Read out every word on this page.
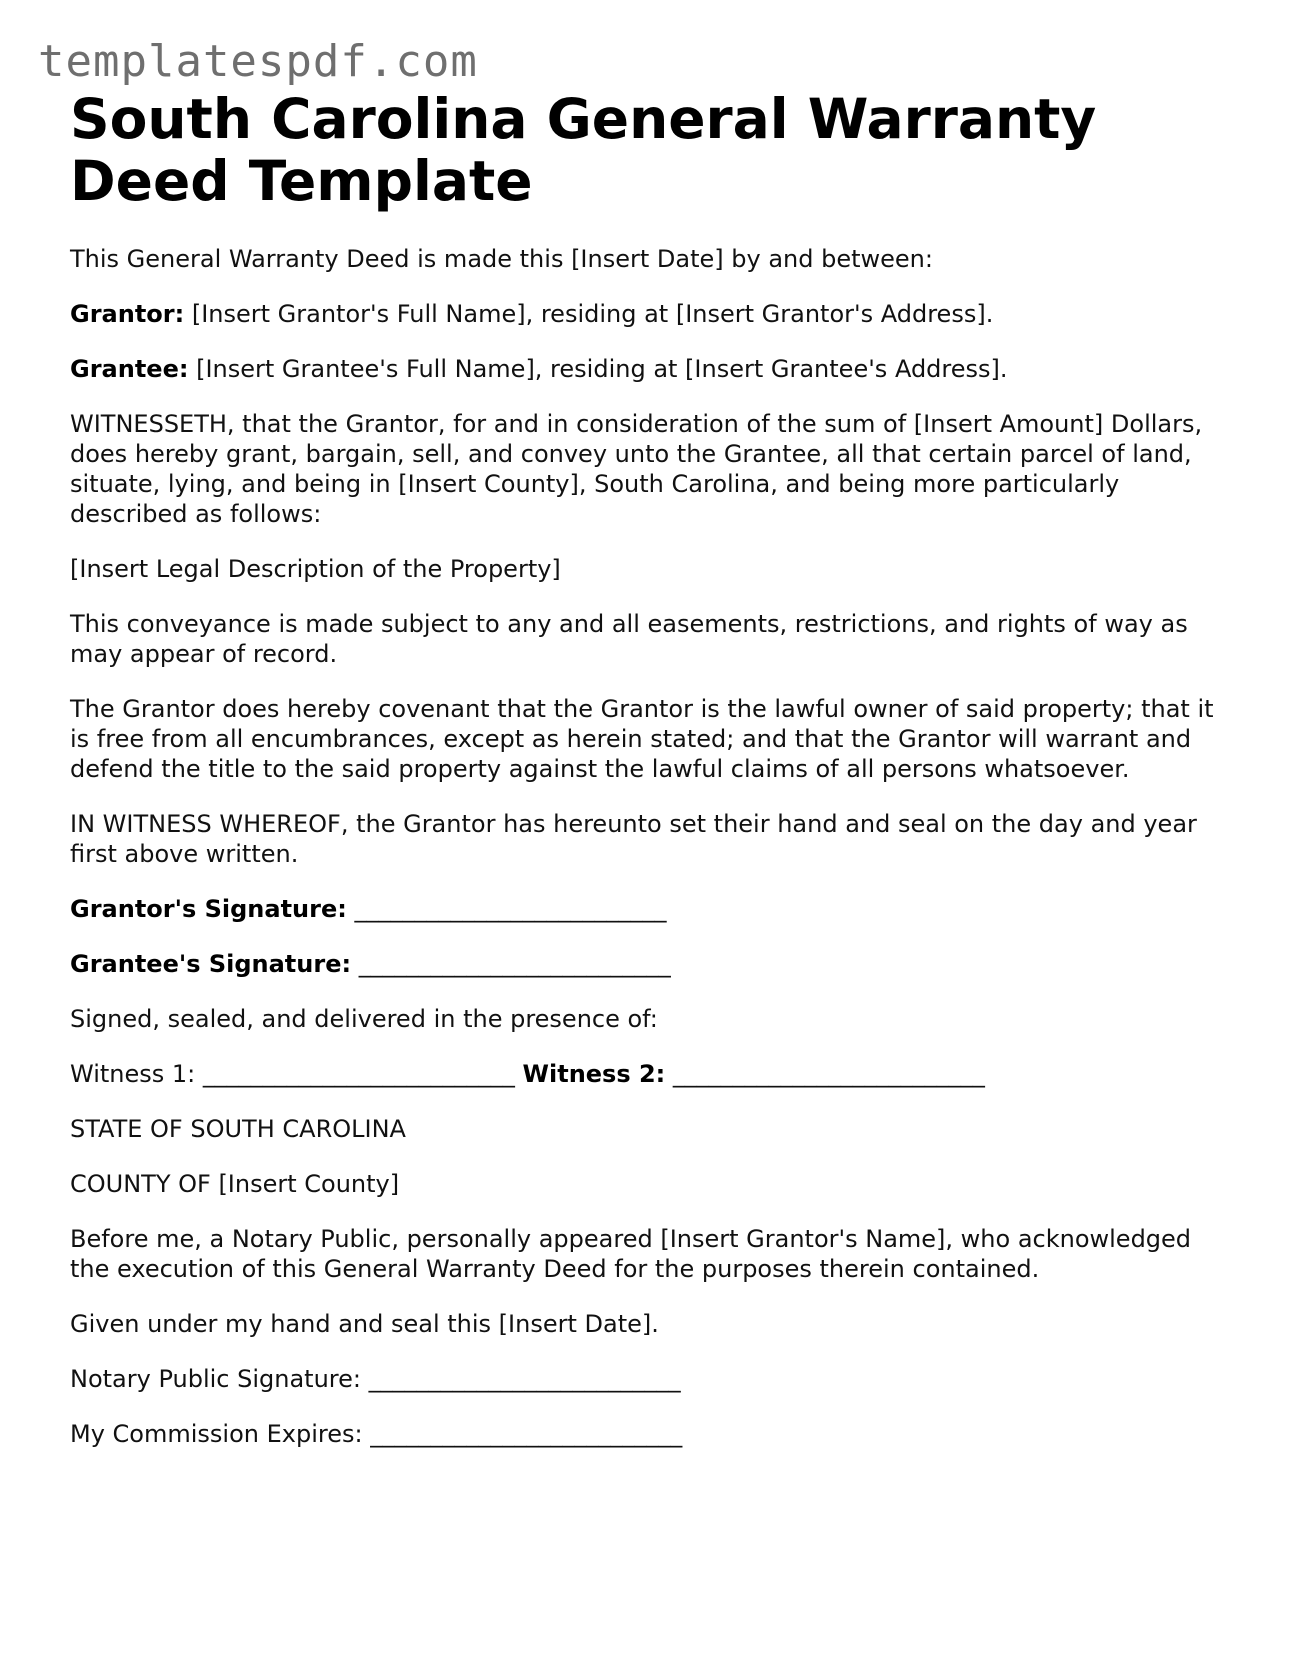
templatespdf.com
South Carolina General Warranty Deed Template

This General Warranty Deed is made this [Insert Date] by and between:

Grantor: [Insert Grantor's Full Name], residing at [Insert Grantor's Address].

Grantee: [Insert Grantee's Full Name], residing at [Insert Grantee's Address].

WITNESSETH, that the Grantor, for and in consideration of the sum of [Insert Amount] Dollars, does hereby grant, bargain, sell, and convey unto the Grantee, all that certain parcel of land, situate, lying, and being in [Insert County], South Carolina, and being more particularly described as follows:

[Insert Legal Description of the Property]

This conveyance is made subject to any and all easements, restrictions, and rights of way as may appear of record.

The Grantor does hereby covenant that the Grantor is the lawful owner of said property; that it is free from all encumbrances, except as herein stated; and that the Grantor will warrant and defend the title to the said property against the lawful claims of all persons whatsoever.

IN WITNESS WHEREOF, the Grantor has hereunto set their hand and seal on the day and year first above written.

Grantor's Signature: __________________________

Grantee's Signature: __________________________

Signed, sealed, and delivered in the presence of:

Witness 1: __________________________ Witness 2: __________________________

STATE OF SOUTH CAROLINA

COUNTY OF [Insert County]

Before me, a Notary Public, personally appeared [Insert Grantor's Name], who acknowledged the execution of this General Warranty Deed for the purposes therein contained.

Given under my hand and seal this [Insert Date].

Notary Public Signature: __________________________

My Commission Expires: __________________________
